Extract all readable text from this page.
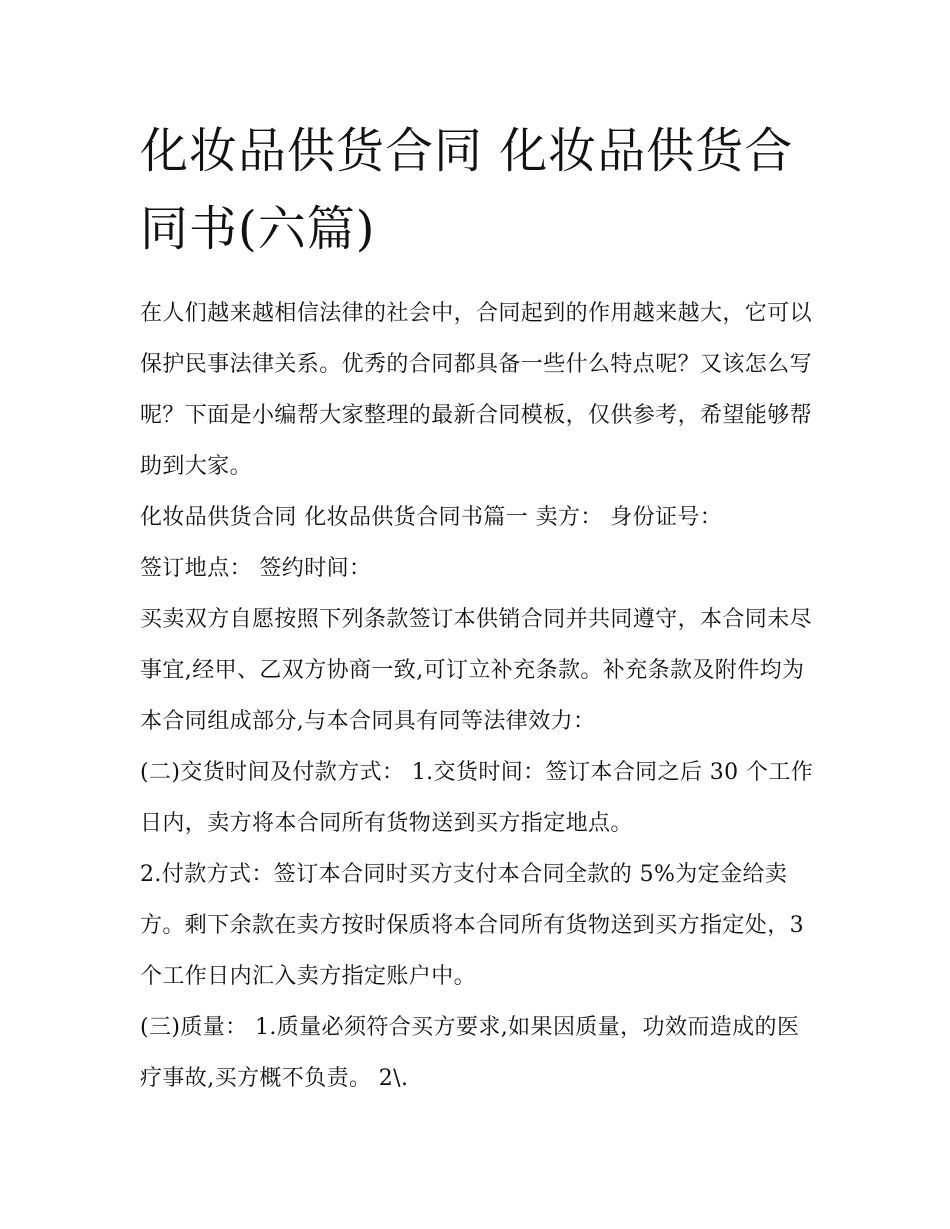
化妆品供货合同 化妆品供货合同书(六篇)

在人们越来越相信法律的社会中，合同起到的作用越来越大，它可以保护民事法律关系。优秀的合同都具备一些什么特点呢？又该怎么写呢？下面是小编帮大家整理的最新合同模板，仅供参考，希望能够帮助到大家。

化妆品供货合同 化妆品供货合同书篇一 卖方： 身份证号：

签订地点： 签约时间：

买卖双方自愿按照下列条款签订本供销合同并共同遵守，本合同未尽事宜,经甲、乙双方协商一致,可订立补充条款。补充条款及附件均为本合同组成部分,与本合同具有同等法律效力：

(二)交货时间及付款方式： 1.交货时间：签订本合同之后 30 个工作日内，卖方将本合同所有货物送到买方指定地点。

2.付款方式：签订本合同时买方支付本合同全款的 5%为定金给卖方。剩下余款在卖方按时保质将本合同所有货物送到买方指定处，3 个工作日内汇入卖方指定账户中。

(三)质量： 1.质量必须符合买方要求,如果因质量，功效而造成的医疗事故,买方概不负责。 2\.
